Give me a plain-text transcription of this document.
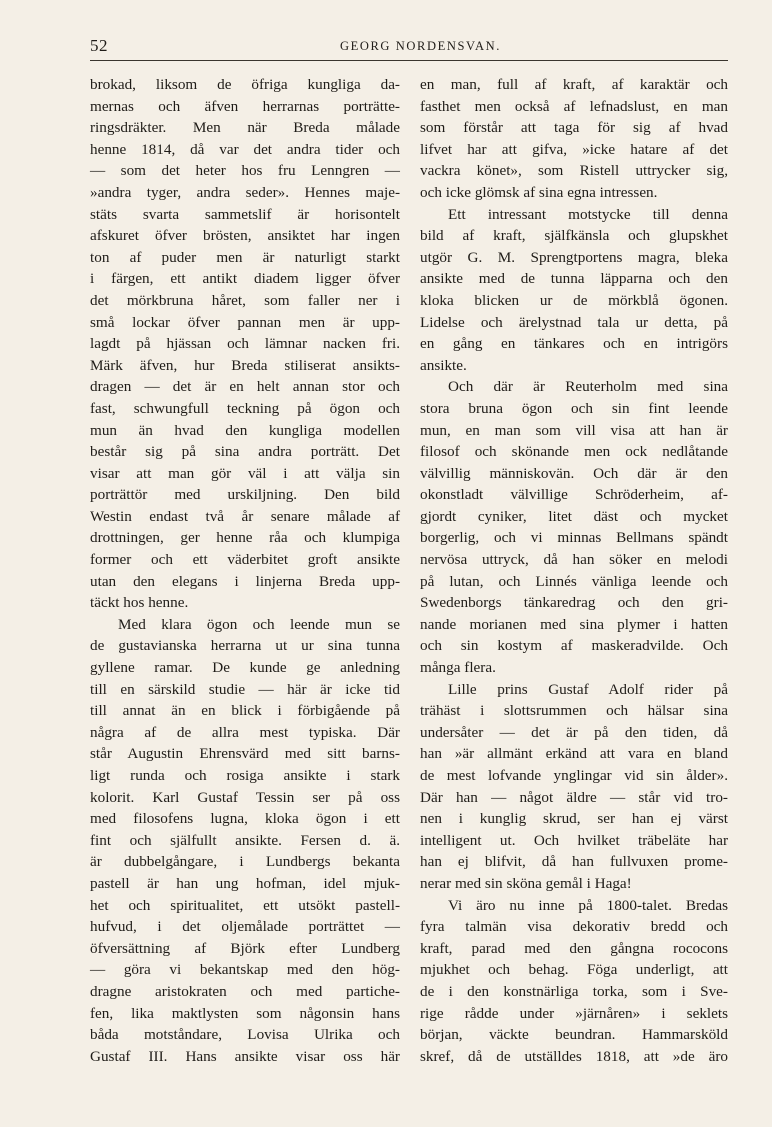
52	GEORG NORDENSVAN.
brokad, liksom de öfriga kungliga da-
mernas och äfven herrarnas porträtte-
ringsdräkter. Men när Breda målade
henne 1814, då var det andra tider och
— som det heter hos fru Lenngren —
»andra tyger, andra seder». Hennes maje-
stäts svarta sammetslif är horisontelt
afskuret öfver brösten, ansiktet har ingen
ton af puder men är naturligt starkt
i färgen, ett antikt diadem ligger öfver
det mörkbruna håret, som faller ner i
små lockar öfver pannan men är upp-
lagdt på hjässan och lämnar nacken fri.
Märk äfven, hur Breda stiliserat ansikts-
dragen — det är en helt annan stor och
fast, schwungfull teckning på ögon och
mun än hvad den kungliga modellen
består sig på sina andra porträtt. Det
visar att man gör väl i att välja sin
porträttör med urskiljning. Den bild
Westin endast två år senare målade af
drottningen, ger henne råa och klumpiga
former och ett väderbitet groft ansikte
utan den elegans i linjerna Breda upp-
täckt hos henne.
Med klara ögon och leende mun se
de gustavianska herrarna ut ur sina tunna
gyllene ramar. De kunde ge anledning
till en särskild studie — här är icke tid
till annat än en blick i förbigående på
några af de allra mest typiska. Där
står Augustin Ehrensvärd med sitt barns-
ligt runda och rosiga ansikte i stark
kolorit. Karl Gustaf Tessin ser på oss
med filosofens lugna, kloka ögon i ett
fint och själfullt ansikte. Fersen d. ä.
är dubbelgångare, i Lundbergs bekanta
pastell är han ung hofman, idel mjuk-
het och spiritualitet, ett utsökt pastell-
hufvud, i det oljemålade porträttet —
öfversättning af Björk efter Lundberg
— göra vi bekantskap med den hög-
dragne aristokraten och med partiche-
fen, lika maktlysten som någonsin hans
båda motståndare, Lovisa Ulrika och
Gustaf III. Hans ansikte visar oss här
en man, full af kraft, af karaktär och
fasthet men också af lefnadslust, en man
som förstår att taga för sig af hvad
lifvet har att gifva, »icke hatare af det
vackra könet», som Ristell uttrycker sig,
och icke glömsk af sina egna intressen.
Ett intressant motstycke till denna
bild af kraft, själfkänsla och glupskhet
utgör G. M. Sprengtportens magra, bleka
ansikte med de tunna läpparna och den
kloka blicken ur de mörkblå ögonen.
Lidelse och ärelystnad tala ur detta, på
en gång en tänkares och en intrigörs
ansikte.
Och där är Reuterholm med sina
stora bruna ögon och sin fint leende
mun, en man som vill visa att han är
filosof och skönande men ock nedlåtande
välvillig människovän. Och där är den
okonstladt välvillige Schröderheim, af-
gjordt cyniker, litet däst och mycket
borgerlig, och vi minnas Bellmans spändt
nervösa uttryck, då han söker en melodi
på lutan, och Linnés vänliga leende och
Swedenborgs tänkaredrag och den gri-
nande morianen med sina plymer i hatten
och sin kostym af maskeradvilde. Och
många flera.
Lille prins Gustaf Adolf rider på
trähäst i slottsrummen och hälsar sina
undersåter — det är på den tiden, då
han »är allmänt erkänd att vara en bland
de mest lofvande ynglingar vid sin ålder».
Där han — något äldre — står vid tro-
nen i kunglig skrud, ser han ej värst
intelligent ut. Och hvilket träbeläte har
han ej blifvit, då han fullvuxen prome-
nerar med sin sköna gemål i Haga!
Vi äro nu inne på 1800-talet. Bredas
fyra talmän visa dekorativ bredd och
kraft, parad med den gångna rococons
mjukhet och behag. Föga underligt, att
de i den konstnärliga torka, som i Sve-
rige rådde under »järnåren» i seklets
början, väckte beundran. Hammarsköld
skref, då de utställdes 1818, att »de äro
